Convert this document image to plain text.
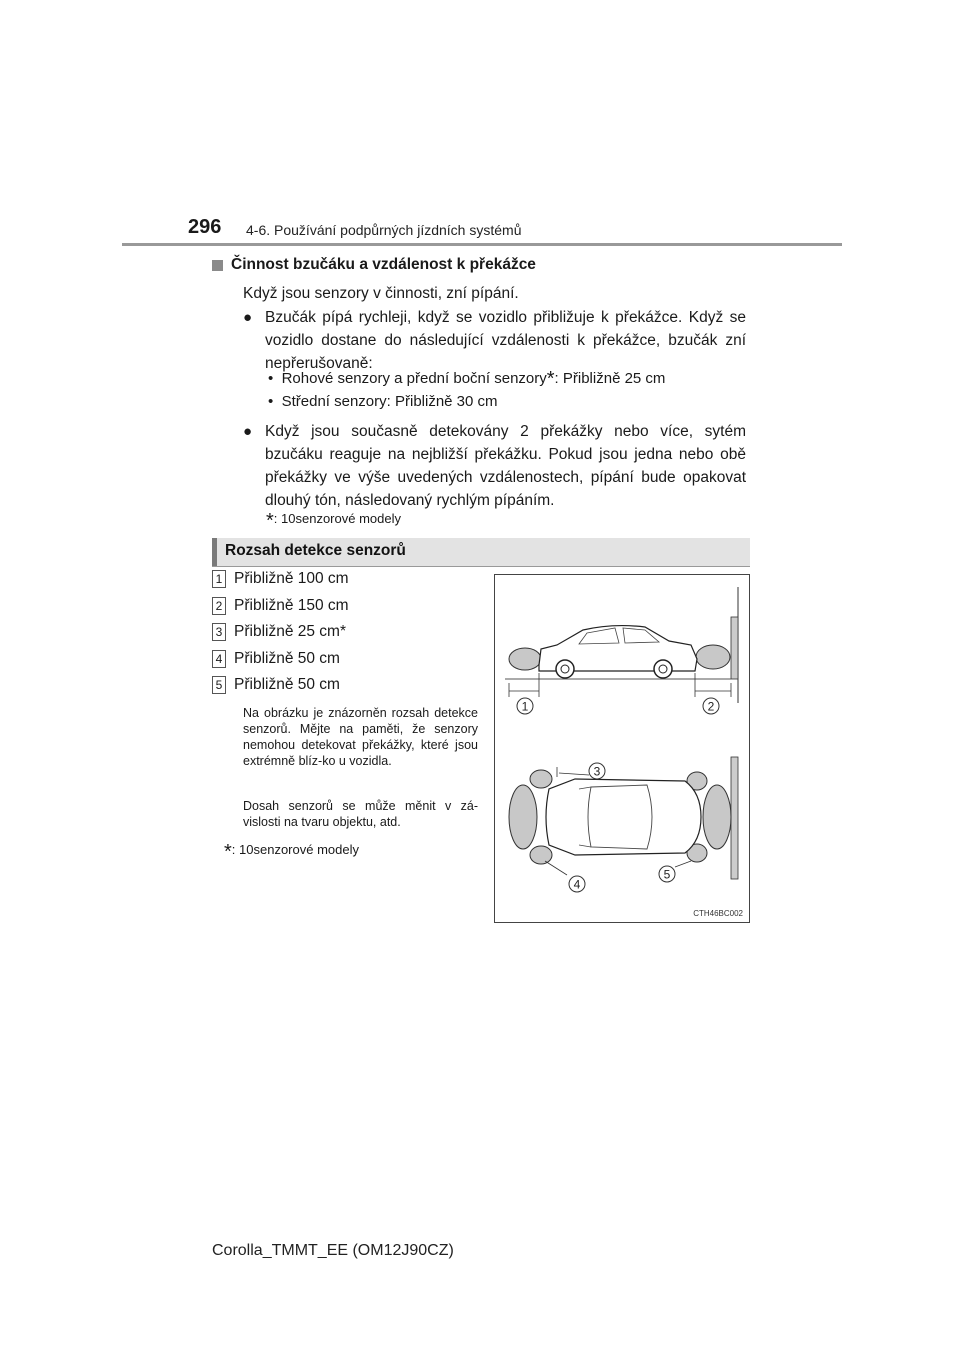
296 4-6. Používání podpůrných jízdních systémů
Činnost bzučáku a vzdálenost k překážce
Když jsou senzory v činnosti, zní pípání.
● Bzučák pípá rychleji, když se vozidlo přibližuje k překážce. Když se vozidlo dostane do následující vzdálenosti k překážce, bzučák zní nepřerušovaně:
•  Rohové senzory a přední boční senzory*: Přibližně 25 cm
•  Střední senzory: Přibližně 30 cm
● Když jsou současně detekovány 2 překážky nebo více, sytém bzučáku reaguje na nejbližší překážku. Pokud jsou jedna nebo obě překážky ve výše uvedených vzdálenostech, pípání bude opakovat dlouhý tón, následovaný rychlým pípáním.
*: 10senzorové modely
Rozsah detekce senzorů
1 Přibližně 100 cm
2 Přibližně 150 cm
3 Přibližně 25 cm*
4 Přibližně 50 cm
5 Přibližně 50 cm
Na obrázku je znázorněn rozsah detekce senzorů. Mějte na paměti, že senzory nemohou detekovat překážky, které jsou extrémně blíz-ko u vozidla.
Dosah senzorů se může měnit v zá-vislosti na tvaru objektu, atd.
*: 10senzorové modely
1	2
3
4
5
CTH46BC002
Corolla_TMMT_EE (OM12J90CZ)
